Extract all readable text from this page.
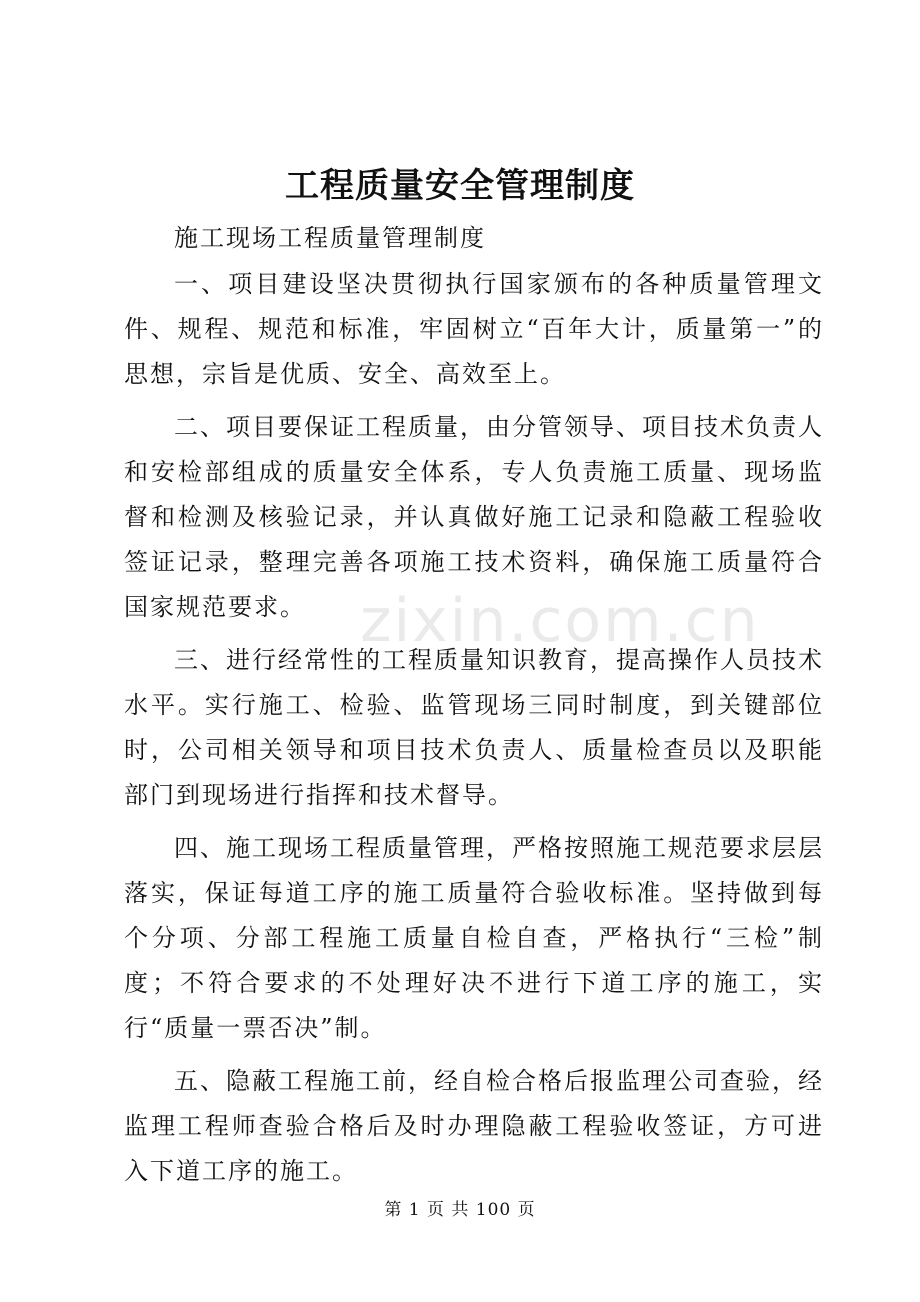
工程质量安全管理制度
施工现场工程质量管理制度

一、项目建设坚决贯彻执行国家颁布的各种质量管理文件、规程、规范和标准，牢固树立“百年大计，质量第一”的思想，宗旨是优质、安全、高效至上。

二、项目要保证工程质量，由分管领导、项目技术负责人和安检部组成的质量安全体系，专人负责施工质量、现场监督和检测及核验记录，并认真做好施工记录和隐蔽工程验收签证记录，整理完善各项施工技术资料，确保施工质量符合国家规范要求。

三、进行经常性的工程质量知识教育，提高操作人员技术水平。实行施工、检验、监管现场三同时制度，到关键部位时，公司相关领导和项目技术负责人、质量检查员以及职能部门到现场进行指挥和技术督导。

四、施工现场工程质量管理，严格按照施工规范要求层层落实，保证每道工序的施工质量符合验收标准。坚持做到每个分项、分部工程施工质量自检自查，严格执行“三检”制度；不符合要求的不处理好决不进行下道工序的施工，实行“质量一票否决”制。

五、隐蔽工程施工前，经自检合格后报监理公司查验，经监理工程师查验合格后及时办理隐蔽工程验收签证，方可进入下道工序的施工。

zixin.com.cn
第 1 页 共 100 页
